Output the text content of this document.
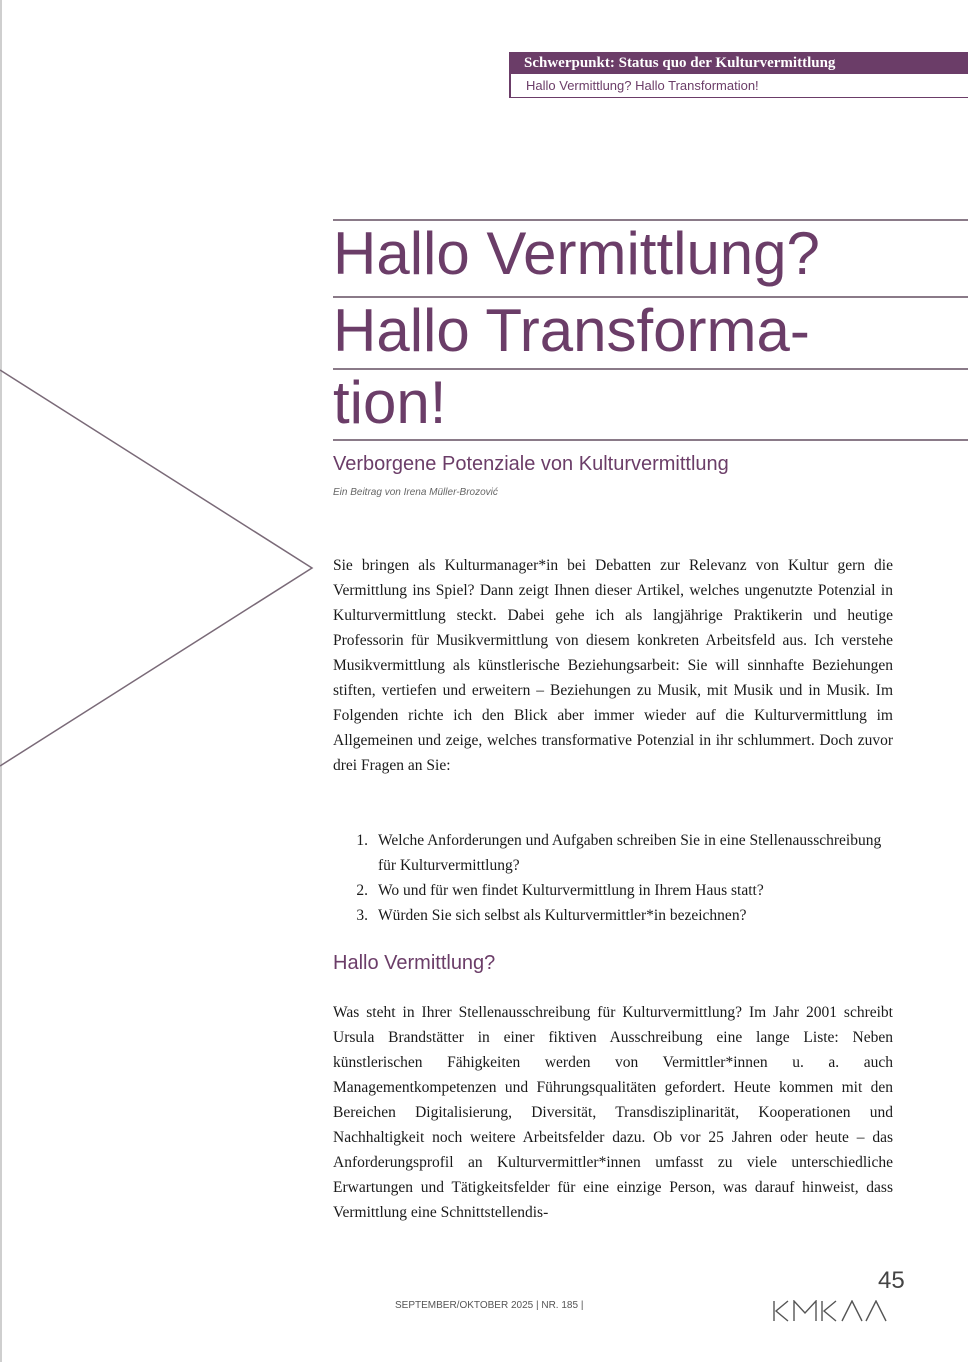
Schwerpunkt: Status quo der Kulturvermittlung
Hallo Vermittlung? Hallo Transformation!
Hallo Vermittlung?
Hallo Transforma-
tion!
Verborgene Potenziale von Kulturvermittlung
Ein Beitrag von Irena Müller-Brozović

Sie bringen als Kulturmanager*in bei Debatten zur Relevanz von Kultur gern die Vermittlung ins Spiel? Dann zeigt Ihnen dieser Artikel, welches ungenutzte Potenzial in Kulturvermittlung steckt. Dabei gehe ich als langjährige Praktikerin und heutige Professorin für Musikvermittlung von diesem konkreten Arbeitsfeld aus. Ich verstehe Musikvermittlung als künstlerische Beziehungsarbeit: Sie will sinnhafte Beziehungen stiften, vertiefen und erweitern – Beziehungen zu Musik, mit Musik und in Musik. Im Folgenden richte ich den Blick aber immer wieder auf die Kulturvermittlung im Allgemeinen und zeige, welches transformative Potenzial in ihr schlummert. Doch zuvor drei Fragen an Sie:

1. Welche Anforderungen und Aufgaben schreiben Sie in eine Stellenausschreibung für Kulturvermittlung?
2. Wo und für wen findet Kulturvermittlung in Ihrem Haus statt?
3. Würden Sie sich selbst als Kulturvermittler*in bezeichnen?
Hallo Vermittlung?

Was steht in Ihrer Stellenausschreibung für Kulturvermittlung? Im Jahr 2001 schreibt Ursula Brandstätter in einer fiktiven Ausschreibung eine lange Liste: Neben künstlerischen Fähigkeiten werden von Vermittler*innen u. a. auch Managementkompetenzen und Führungsqualitäten gefordert. Heute kommen mit den Bereichen Digitalisierung, Diversität, Transdisziplinarität, Kooperationen und Nachhaltigkeit noch weitere Arbeitsfelder dazu. Ob vor 25 Jahren oder heute – das Anforderungsprofil an Kulturvermittler*innen umfasst zu viele unterschiedliche Erwartungen und Tätigkeitsfelder für eine einzige Person, was darauf hinweist, dass Vermittlung eine Schnittstellendis-

SEPTEMBER/OKTOBER 2025 | NR. 185 |
45
